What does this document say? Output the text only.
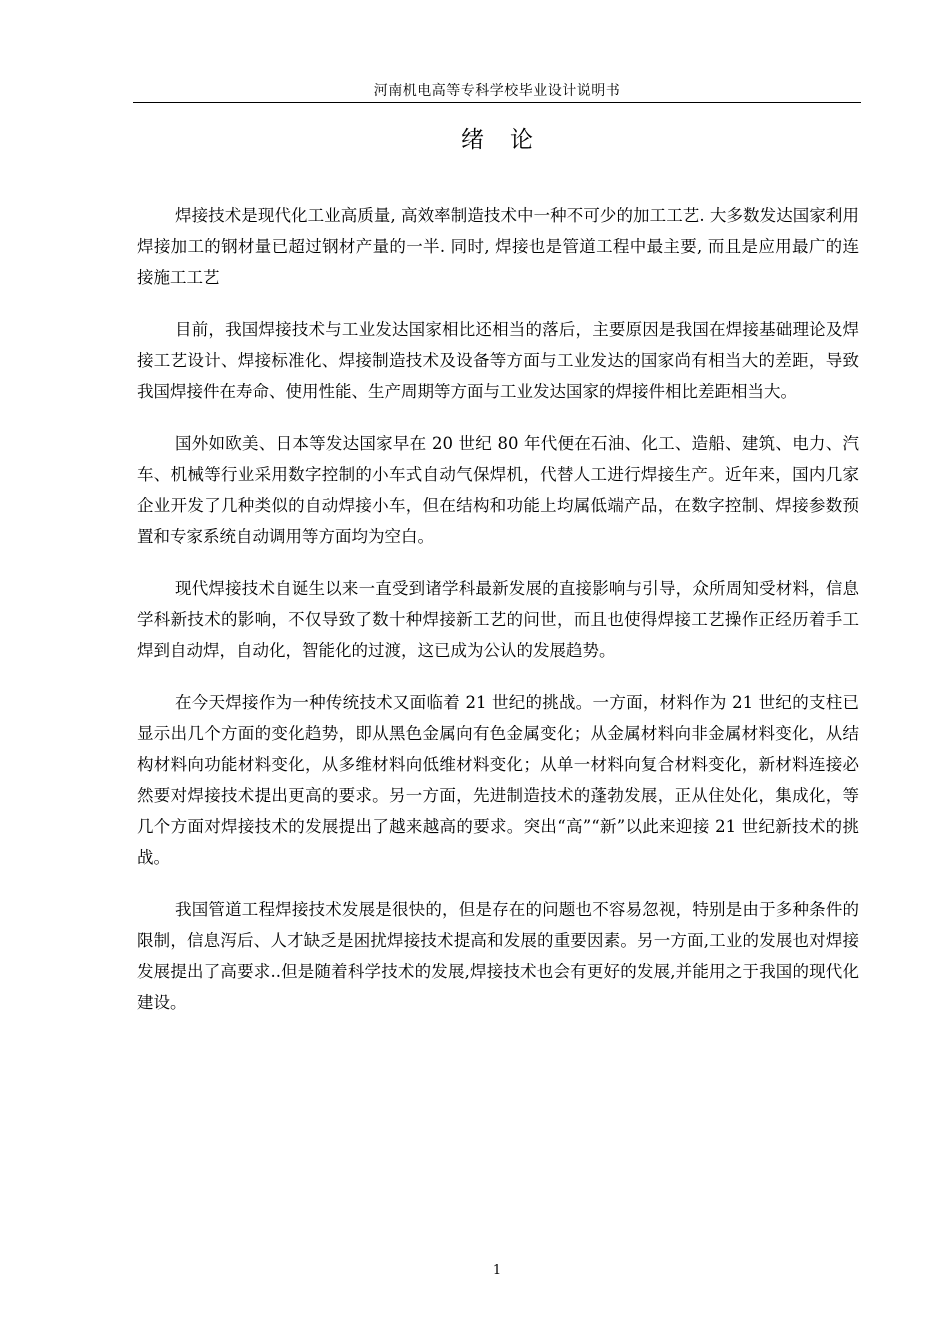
河南机电高等专科学校毕业设计说明书
绪论

焊接技术是现代化工业高质量, 高效率制造技术中一种不可少的加工工艺. 大多数发达国家利用焊接加工的钢材量已超过钢材产量的一半. 同时, 焊接也是管道工程中最主要, 而且是应用最广的连接施工工艺

目前，我国焊接技术与工业发达国家相比还相当的落后，主要原因是我国在焊接基础理论及焊接工艺设计、焊接标准化、焊接制造技术及设备等方面与工业发达的国家尚有相当大的差距，导致我国焊接件在寿命、使用性能、生产周期等方面与工业发达国家的焊接件相比差距相当大。

国外如欧美、日本等发达国家早在 20 世纪 80 年代便在石油、化工、造船、建筑、电力、汽车、机械等行业采用数字控制的小车式自动气保焊机，代替人工进行焊接生产。近年来，国内几家企业开发了几种类似的自动焊接小车，但在结构和功能上均属低端产品，在数字控制、焊接参数预置和专家系统自动调用等方面均为空白。

现代焊接技术自诞生以来一直受到诸学科最新发展的直接影响与引导，众所周知受材料，信息学科新技术的影响，不仅导致了数十种焊接新工艺的问世，而且也使得焊接工艺操作正经历着手工焊到自动焊，自动化，智能化的过渡，这已成为公认的发展趋势。

在今天焊接作为一种传统技术又面临着 21 世纪的挑战。一方面，材料作为 21 世纪的支柱已显示出几个方面的变化趋势，即从黑色金属向有色金属变化；从金属材料向非金属材料变化，从结构材料向功能材料变化，从多维材料向低维材料变化；从单一材料向复合材料变化，新材料连接必然要对焊接技术提出更高的要求。另一方面，先进制造技术的蓬勃发展，正从住处化，集成化，等几个方面对焊接技术的发展提出了越来越高的要求。突出“高”“新”以此来迎接 21 世纪新技术的挑战。

我国管道工程焊接技术发展是很快的，但是存在的问题也不容易忽视，特别是由于多种条件的限制，信息泻后、人才缺乏是困扰焊接技术提高和发展的重要因素。另一方面,工业的发展也对焊接发展提出了高要求..但是随着科学技术的发展,焊接技术也会有更好的发展,并能用之于我国的现代化建设。

1
